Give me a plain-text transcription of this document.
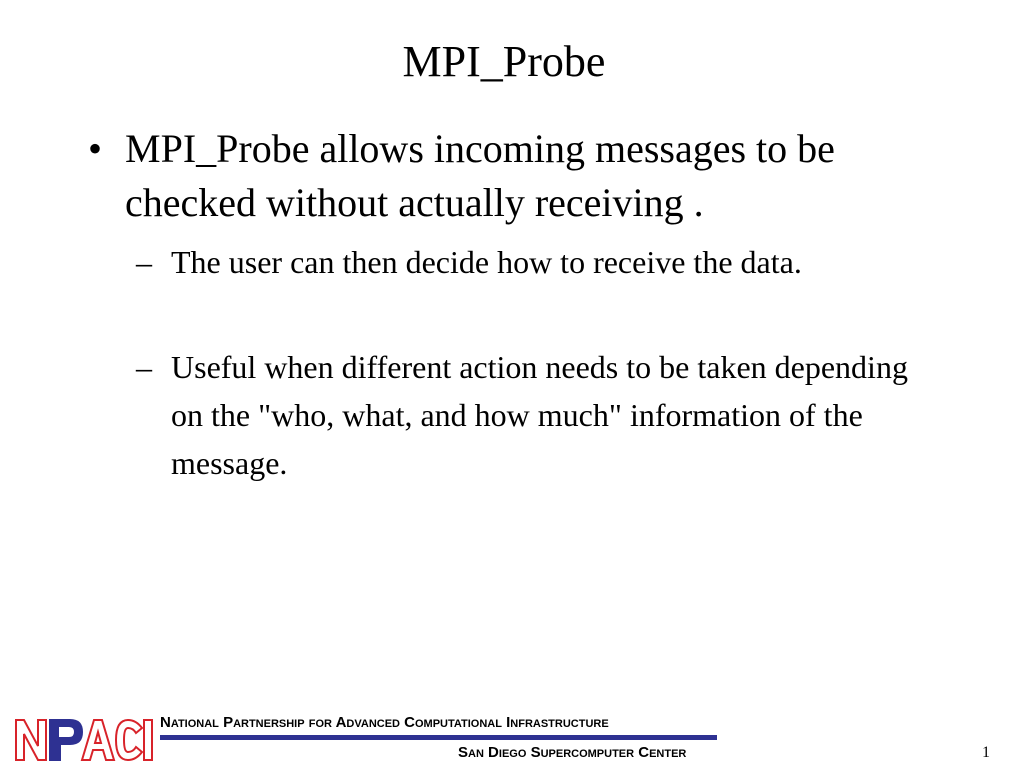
MPI_Probe
• MPI_Probe allows incoming messages to be checked without actually receiving .
– The user can then decide how to receive the data.
– Useful when different action needs to be taken depending on the "who, what, and how much" information of the message.
National Partnership for Advanced Computational Infrastructure
San Diego Supercomputer Center	1
